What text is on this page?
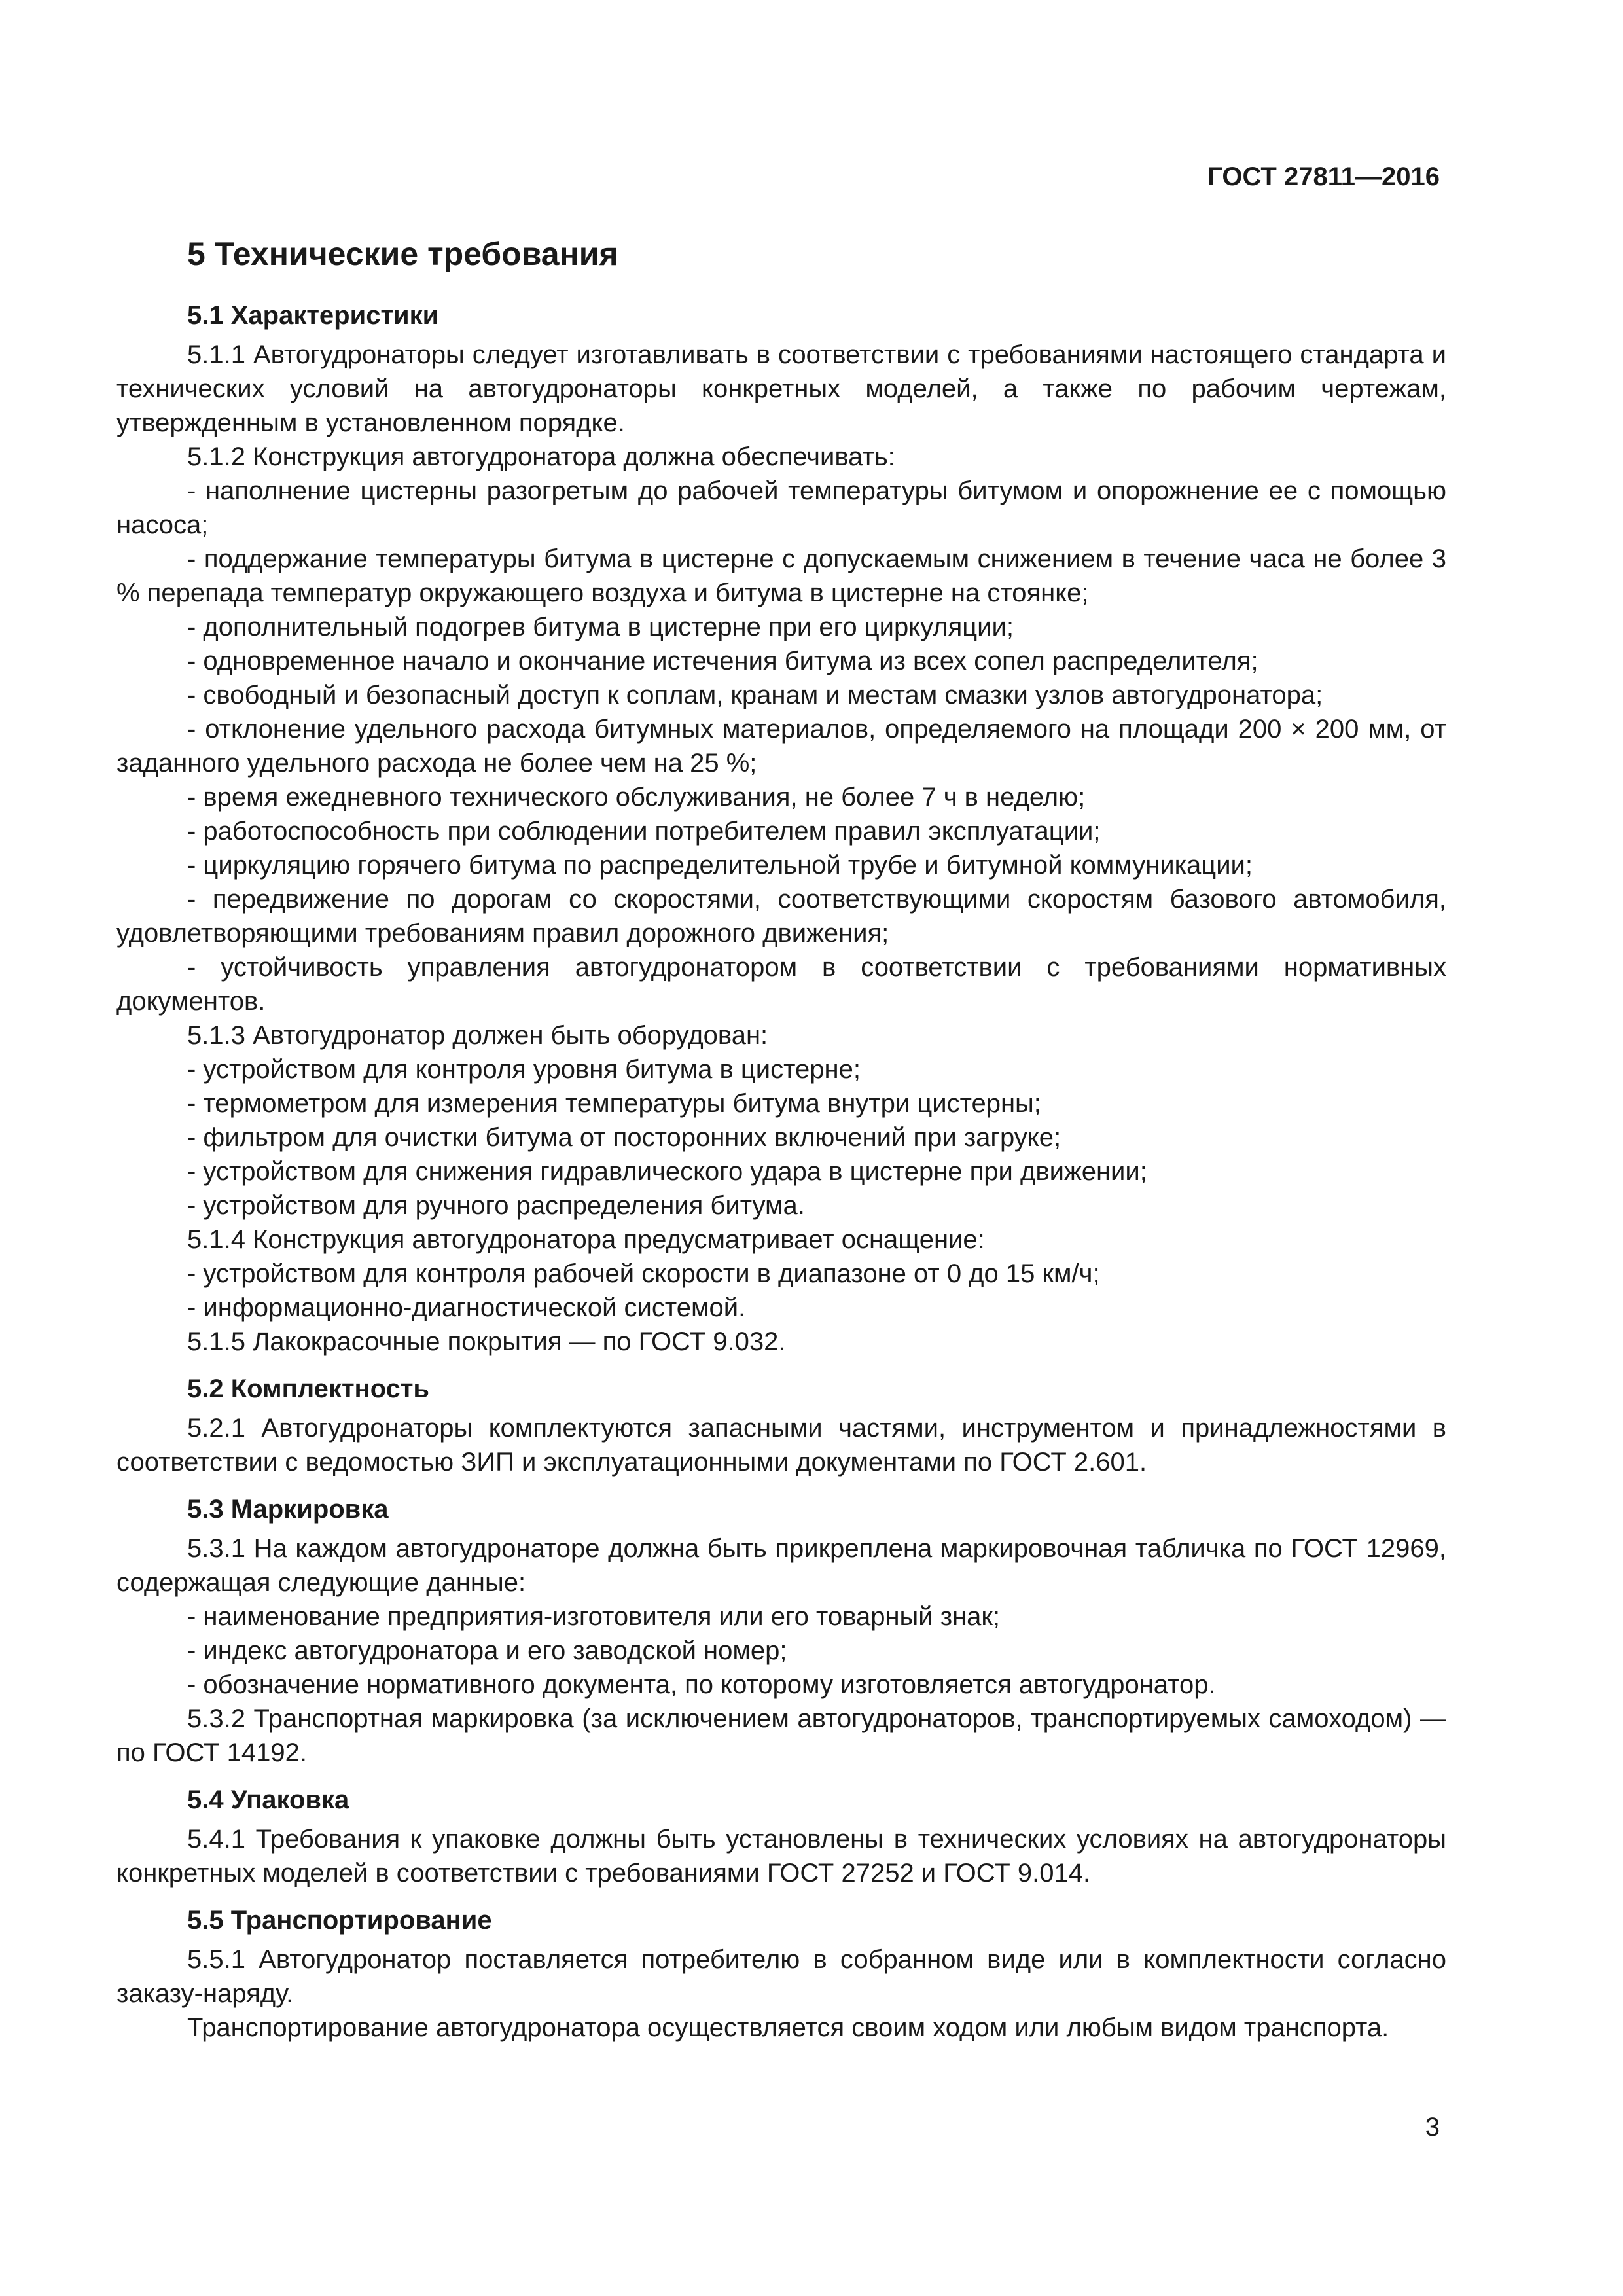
ГОСТ 27811—2016
5 Технические требования
5.1 Характеристики

5.1.1 Автогудронаторы следует изготавливать в соответствии с требованиями настоящего стандарта и технических условий на автогудронаторы конкретных моделей, а также по рабочим чертежам, утвержденным в установленном порядке.

5.1.2 Конструкция автогудронатора должна обеспечивать:

- наполнение цистерны разогретым до рабочей температуры битумом и опорожнение ее с помощью насоса;

- поддержание температуры битума в цистерне с допускаемым снижением в течение часа не более 3 % перепада температур окружающего воздуха и битума в цистерне на стоянке;

- дополнительный подогрев битума в цистерне при его циркуляции;

- одновременное начало и окончание истечения битума из всех сопел распределителя;

- свободный и безопасный доступ к соплам, кранам и местам смазки узлов автогудронатора;

- отклонение удельного расхода битумных материалов, определяемого на площади 200 × 200 мм, от заданного удельного расхода не более чем на 25 %;

- время ежедневного технического обслуживания, не более 7 ч в неделю;

- работоспособность при соблюдении потребителем правил эксплуатации;

- циркуляцию горячего битума по распределительной трубе и битумной коммуникации;

- передвижение по дорогам со скоростями, соответствующими скоростям базового автомобиля, удовлетворяющими требованиям правил дорожного движения;

- устойчивость управления автогудронатором в соответствии с требованиями нормативных документов.

5.1.3 Автогудронатор должен быть оборудован:

- устройством для контроля уровня битума в цистерне;

- термометром для измерения температуры битума внутри цистерны;

- фильтром для очистки битума от посторонних включений при загруке;

- устройством для снижения гидравлического удара в цистерне при движении;

- устройством для ручного распределения битума.

5.1.4 Конструкция автогудронатора предусматривает оснащение:

- устройством для контроля рабочей скорости в диапазоне от 0 до 15 км/ч;

- информационно-диагностической системой.

5.1.5 Лакокрасочные покрытия — по ГОСТ 9.032.

5.2 Комплектность

5.2.1 Автогудронаторы комплектуются запасными частями, инструментом и принадлежностями в соответствии с ведомостью ЗИП и эксплуатационными документами по ГОСТ 2.601.

5.3 Маркировка

5.3.1 На каждом автогудронаторе должна быть прикреплена маркировочная табличка по ГОСТ 12969, содержащая следующие данные:

- наименование предприятия-изготовителя или его товарный знак;

- индекс автогудронатора и его заводской номер;

- обозначение нормативного документа, по которому изготовляется автогудронатор.

5.3.2 Транспортная маркировка (за исключением автогудронаторов, транспортируемых самоходом) — по ГОСТ 14192.

5.4 Упаковка

5.4.1 Требования к упаковке должны быть установлены в технических условиях на автогудронаторы конкретных моделей в соответствии с требованиями ГОСТ 27252 и ГОСТ 9.014.

5.5 Транспортирование

5.5.1 Автогудронатор поставляется потребителю в собранном виде или в комплектности согласно заказу-наряду.

Транспортирование автогудронатора осуществляется своим ходом или любым видом транспорта.

3
